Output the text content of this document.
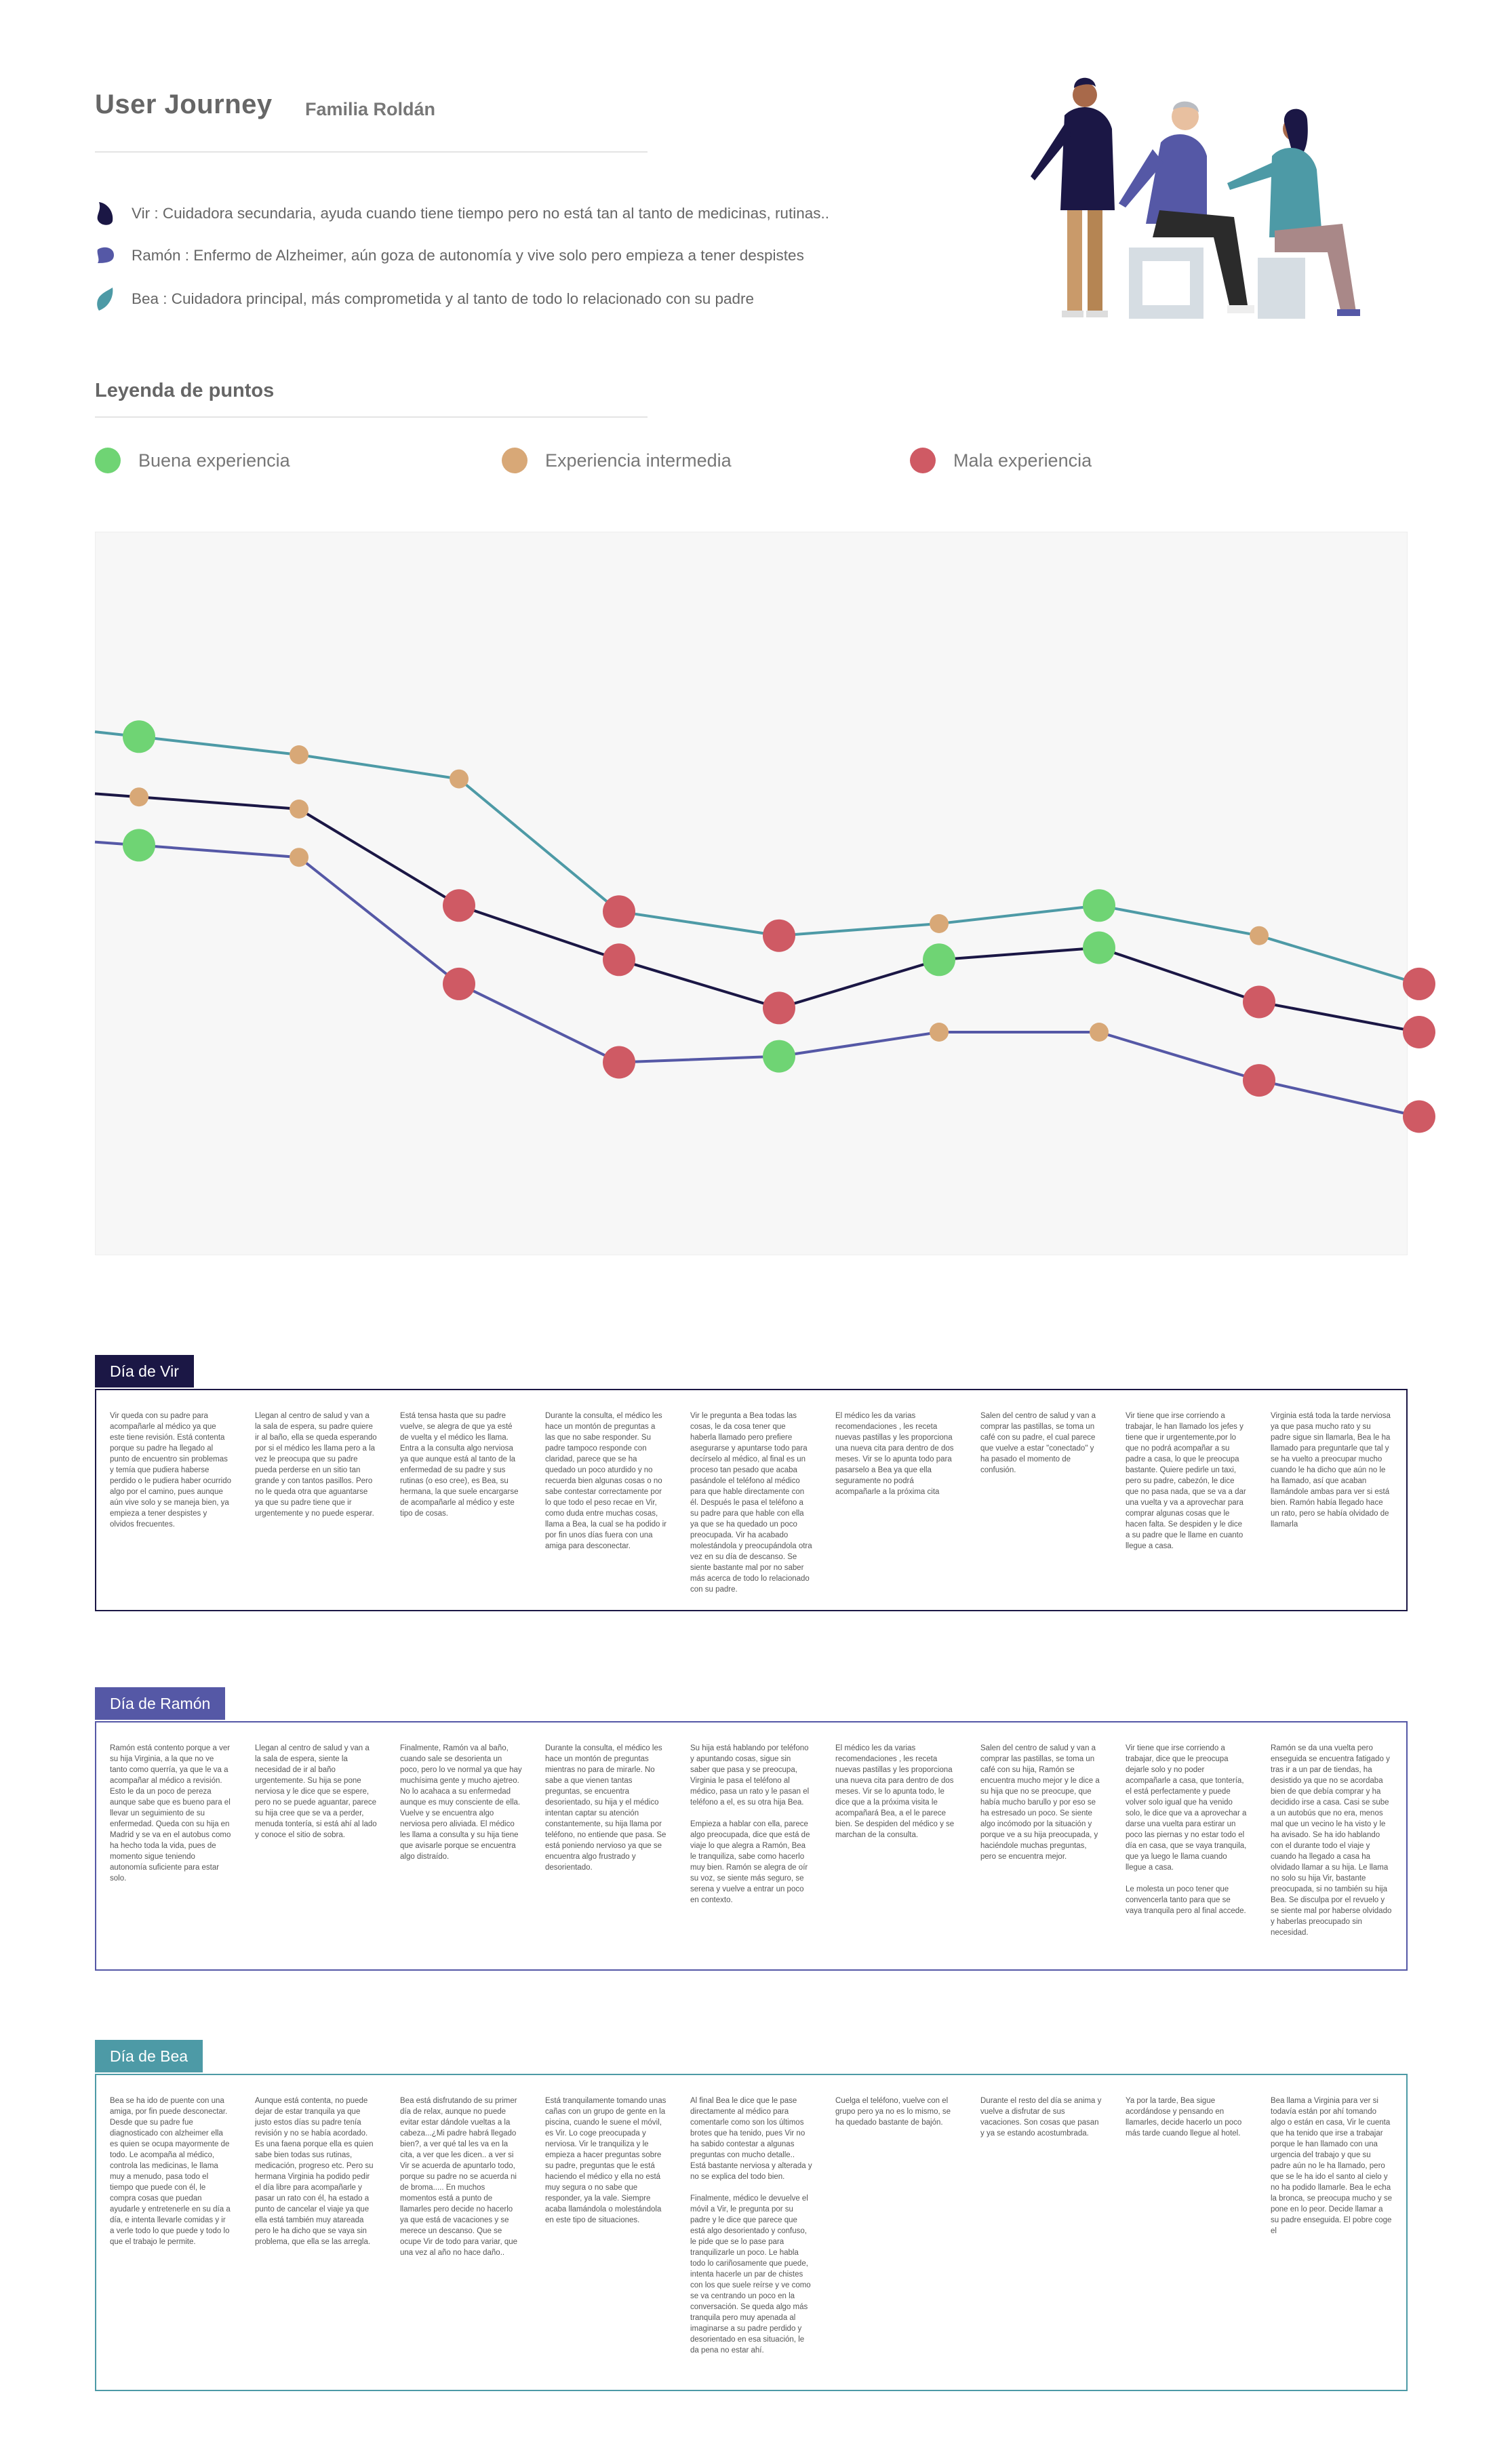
User Journey Familia Roldán
Vir : Cuidadora secundaria, ayuda cuando tiene tiempo pero no está tan al tanto de medicinas, rutinas..
Ramón : Enfermo de Alzheimer, aún goza de autonomía y vive solo pero empieza a tener despistes
Bea : Cuidadora principal, más comprometida y al tanto de todo lo relacionado con su padre
Leyenda de puntos
Buena experiencia	Experiencia intermedia	Mala experiencia
Día de Vir
Vir queda con su padre para acompañarle al médico ya que este tiene revisión. Está contenta porque su padre ha llegado al punto de encuentro sin problemas y temía que pudiera haberse perdido o le pudiera haber ocurrido algo por el camino, pues aunque aún vive solo y se maneja bien, ya empieza a tener despistes y olvidos frecuentes.
Llegan al centro de salud y van a la sala de espera, su padre quiere ir al baño, ella se queda esperando por si el médico les llama pero a la vez le preocupa que su padre pueda perderse en un sitio tan grande y con tantos pasillos. Pero no le queda otra que aguantarse ya que su padre tiene que ir urgentemente y no puede esperar.
Está tensa hasta que su padre vuelve, se alegra de que ya esté de vuelta y el médico les llama. Entra a la consulta algo nerviosa ya que aunque está al tanto de la enfermedad de su padre y sus rutinas (o eso cree), es Bea, su hermana, la que suele encargarse de acompañarle al médico y este tipo de cosas.
Durante la consulta, el médico les hace un montón de preguntas a las que no sabe responder. Su padre tampoco responde con claridad, parece que se ha quedado un poco aturdido y no recuerda bien algunas cosas o no sabe contestar correctamente por lo que todo el peso recae en Vir, como duda entre muchas cosas, llama a Bea, la cual se ha podido ir por fin unos días fuera con una amiga para desconectar.
Vir le pregunta a Bea todas las cosas, le da cosa tener que haberla llamado pero prefiere asegurarse y apuntarse todo para decírselo al médico, al final es un proceso tan pesado que acaba pasándole el teléfono al médico para que hable directamente con él. Después le pasa el teléfono a su padre para que hable con ella ya que se ha quedado un poco preocupada. Vir ha acabado molestándola y preocupándola otra vez en su día de descanso. Se siente bastante mal por no saber más acerca de todo lo relacionado con su padre.
El médico les da varias recomendaciones , les receta nuevas pastillas y les proporciona una nueva cita para dentro de dos meses. Vir se lo apunta todo para pasarselo a Bea ya que ella seguramente no podrá acompañarle a la próxima cita
Salen del centro de salud y van a comprar las pastillas, se toma un café con su padre, el cual parece que vuelve a estar "conectado" y ha pasado el momento de confusión.
Vir tiene que irse corriendo a trabajar, le han llamado los jefes y tiene que ir urgentemente,por lo que no podrá acompañar a su padre a casa, lo que le preocupa bastante. Quiere pedirle un taxi, pero su padre, cabezón, le dice que no pasa nada, que se va a dar una vuelta y va a aprovechar para comprar algunas cosas que le hacen falta. Se despiden y le dice a su padre que le llame en cuanto llegue a casa.
Virginia está toda la tarde nerviosa ya que pasa mucho rato y su padre sigue sin llamarla, Bea le ha llamado para preguntarle que tal y se ha vuelto a preocupar mucho cuando le ha dicho que aún no le ha llamado, así que acaban llamándole ambas para ver si está bien. Ramón había llegado hace un rato, pero se había olvidado de llamarla
Día de Ramón
Ramón está contento porque a ver su hija Virginia, a la que no ve tanto como querría, ya que le va a acompañar al médico a revisión. Esto le da un poco de pereza aunque sabe que es bueno para el llevar un seguimiento de su enfermedad. Queda con su hija en Madrid y se va en el autobus como ha hecho toda la vida, pues de momento sigue teniendo autonomía suficiente para estar solo.
Llegan al centro de salud y van a la sala de espera, siente la necesidad de ir al baño urgentemente. Su hija se pone nerviosa y le dice que se espere, pero no se puede aguantar, parece su hija cree que se va a perder, menuda tontería, si está ahí al lado y conoce el sitio de sobra.
Finalmente, Ramón va al baño, cuando sale se desorienta un poco, pero lo ve normal ya que hay muchísima gente y mucho ajetreo. No lo acahaca a su enfermedad aunque es muy consciente de ella. Vuelve y se encuentra algo nerviosa pero aliviada. El médico les llama a consulta y su hija tiene que avisarle porque se encuentra algo distraído.
Durante la consulta, el médico les hace un montón de preguntas mientras no para de mirarle. No sabe a que vienen tantas preguntas, se encuentra desorientado, su hija y el médico intentan captar su atención constantemente, su hija llama por teléfono, no entiende que pasa. Se está poniendo nervioso ya que se encuentra algo frustrado y desorientado.
Su hija está hablando por teléfono y apuntando cosas, sigue sin saber que pasa y se preocupa, Virginia le pasa el teléfono al médico, pasa un rato y le pasan el teléfono a el, es su otra hija Bea.

Empieza a hablar con ella, parece algo preocupada, dice que está de viaje lo que alegra a Ramón, Bea le tranquiliza, sabe como hacerlo muy bien. Ramón se alegra de oír su voz, se siente más seguro, se serena y vuelve a entrar un poco en contexto.
El médico les da varias recomendaciones , les receta nuevas pastillas y les proporciona una nueva cita para dentro de dos meses. Vir se lo apunta todo, le dice que a la próxima visita le acompañará Bea, a el le parece bien. Se despiden del médico y se marchan de la consulta.
Salen del centro de salud y van a comprar las pastillas, se toma un café con su hija, Ramón se encuentra mucho mejor y le dice a su hija que no se preocupe, que había mucho barullo y por eso se ha estresado un poco. Se siente algo incómodo por la situación y porque ve a su hija preocupada, y haciéndole muchas preguntas, pero se encuentra mejor.
Vir tiene que irse corriendo a trabajar, dice que le preocupa dejarle solo y no poder acompañarle a casa, que tontería, el está perfectamente y puede volver solo igual que ha venido solo, le dice que va a aprovechar a darse una vuelta para estirar un poco las piernas y no estar todo el día en casa, que se vaya tranquila, que ya luego le llama cuando llegue a casa.

Le molesta un poco tener que convencerla tanto para que se vaya tranquila pero al final accede.
Ramón se da una vuelta pero enseguida se encuentra fatigado y tras ir a un par de tiendas, ha desistido ya que no se acordaba bien de que debía comprar y ha decidido irse a casa. Casi se sube a un autobús que no era, menos mal que un vecino le ha visto y le ha avisado. Se ha ido hablando con el durante todo el viaje y cuando ha llegado a casa ha olvidado llamar a su hija. Le llama no solo su hija Vir, bastante preocupada, si no también su hija Bea. Se disculpa por el revuelo y se siente mal por haberse olvidado y haberlas preocupado sin necesidad.
Día de Bea
Bea se ha ido de puente con una amiga, por fin puede desconectar. Desde que su padre fue diagnosticado con alzheimer ella es quien se ocupa mayormente de todo. Le acompaña al médico, controla las medicinas, le llama muy a menudo, pasa todo el tiempo que puede con él, le compra cosas que puedan ayudarle y entretenerle en su día a día, e intenta llevarle comidas y ir a verle todo lo que puede y todo lo que el trabajo le permite.
Aunque está contenta, no puede dejar de estar tranquila ya que justo estos días su padre tenía revisión y no se había acordado. Es una faena porque ella es quien sabe bien todas sus rutinas, medicación, progreso etc. Pero su hermana Virginia ha podido pedir el día libre para acompañarle y pasar un rato con él, ha estado a punto de cancelar el viaje ya que ella está también muy atareada pero le ha dicho que se vaya sin problema, que ella se las arregla.
Bea está disfrutando de su primer día de relax, aunque no puede evitar estar dándole vueltas a la cabeza...¿Mi padre habrá llegado bien?, a ver qué tal les va en la cita, a ver que les dicen.. a ver si Vir se acuerda de apuntarlo todo, porque su padre no se acuerda ni de broma..... En muchos momentos está a punto de llamarles pero decide no hacerlo ya que está de vacaciones y se merece un descanso. Que se ocupe Vir de todo para variar, que una vez al año no hace daño..
Está tranquilamente tomando unas cañas con un grupo de gente en la piscina, cuando le suene el móvil, es Vir. Lo coge preocupada y nerviosa. Vir le tranquiliza y le empieza a hacer preguntas sobre su padre, preguntas que le está haciendo el médico y ella no está muy segura o no sabe que responder, ya la vale. Siempre acaba llamándola o molestándola en este tipo de situaciones.
Al final Bea le dice que le pase directamente al médico para comentarle como son los últimos brotes que ha tenido, pues Vir no ha sabido contestar a algunas preguntas con mucho detalle.. Está bastante nerviosa y alterada y no se explica del todo bien.

Finalmente, médico le devuelve el móvil a Vir, le pregunta por su padre y le dice que parece que está algo desorientado y confuso, le pide que se lo pase para tranquilizarle un poco. Le habla todo lo cariñosamente que puede, intenta hacerle un par de chistes con los que suele reírse y ve como se va centrando un poco en la conversación. Se queda algo más tranquila pero muy apenada al imaginarse a su padre perdido y desorientado en esa situación, le da pena no estar ahí.
Cuelga el teléfono, vuelve con el grupo pero ya no es lo mismo, se ha quedado bastante de bajón.
Durante el resto del día se anima y vuelve a disfrutar de sus vacaciones. Son cosas que pasan y ya se estando acostumbrada.
Ya por la tarde, Bea sigue acordándose y pensando en llamarles, decide hacerlo un poco más tarde cuando llegue al hotel.
Bea llama a Virginia para ver si todavía están por ahí tomando algo o están en casa, Vir le cuenta que ha tenido que irse a trabajar porque le han llamado con una urgencia del trabajo y que su padre aún no le ha llamado, pero que se le ha ido el santo al cielo y no ha podido llamarle. Bea le echa la bronca, se preocupa mucho y se pone en lo peor. Decide llamar a su padre enseguida. El pobre coge el
